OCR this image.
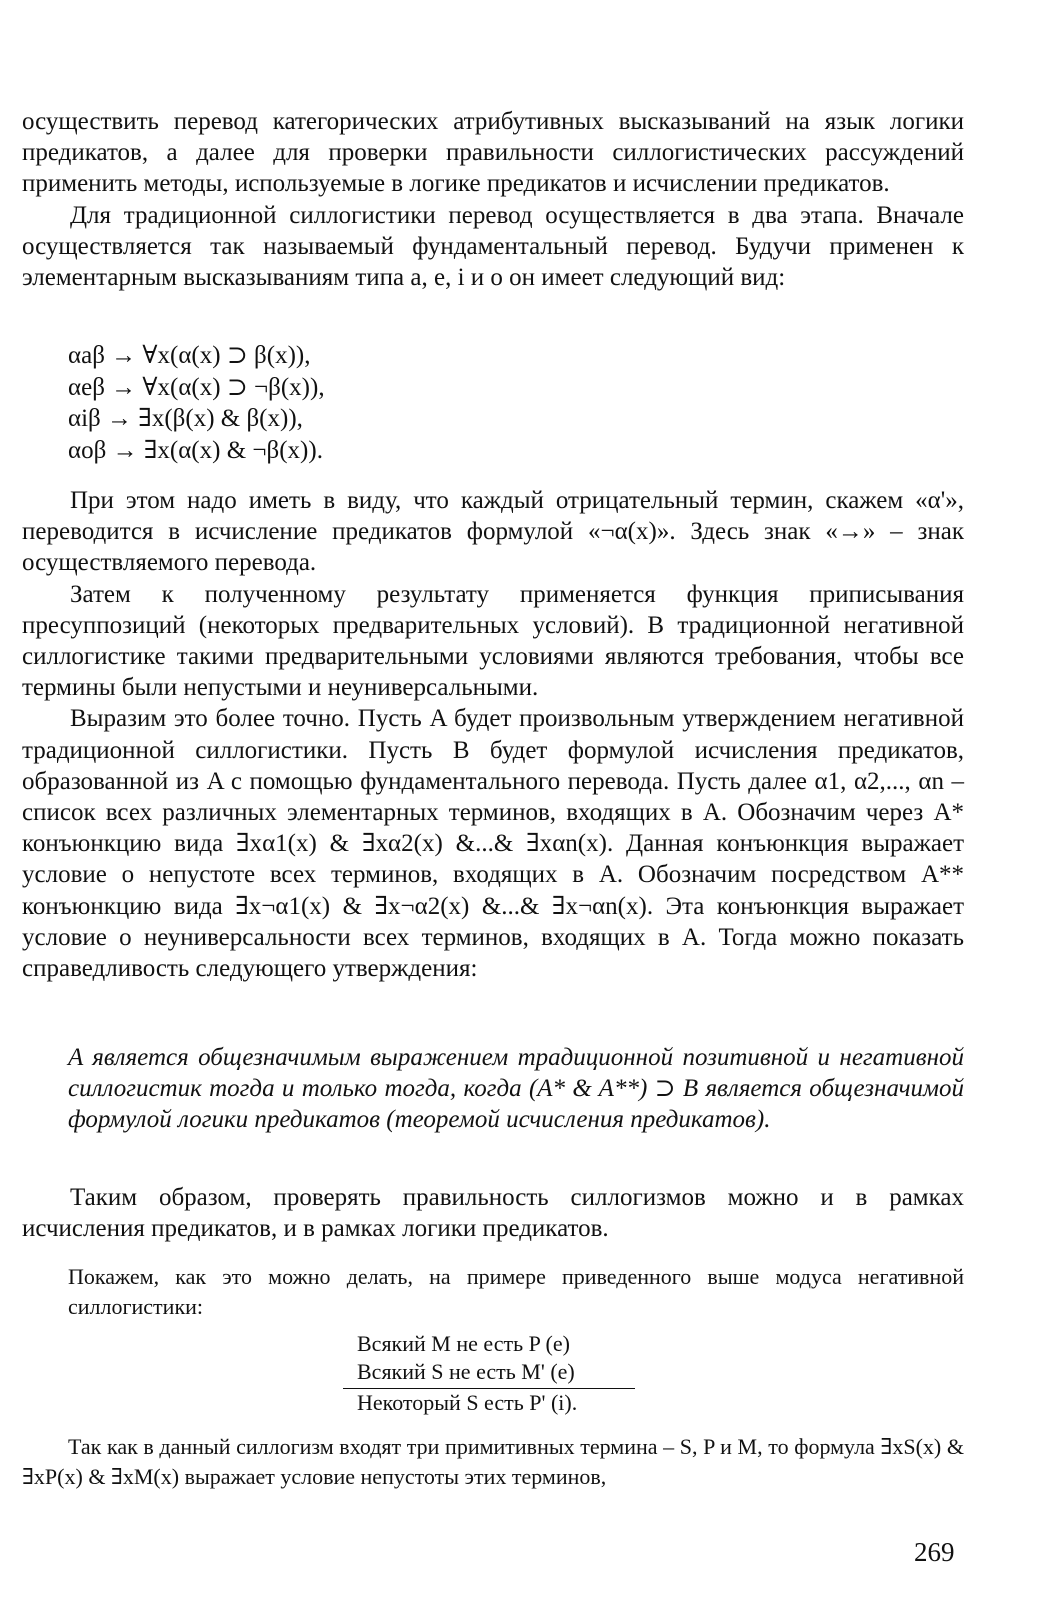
осуществить перевод категорических атрибутивных высказываний на язык логики предикатов, а далее для проверки правильности силлогистических рассуждений применить методы, используемые в логике предикатов и исчислении предикатов.

Для традиционной силлогистики перевод осуществляется в два этапа. Вначале осуществляется так называемый фундаментальный перевод. Будучи применен к элементарным высказываниям типа a, e, i и o он имеет следующий вид:

αaβ → ∀x(α(x) ⊃ β(x)),
αeβ → ∀x(α(x) ⊃ ¬β(x)),
αiβ → ∃x(β(x) & β(x)),
αoβ → ∃x(α(x) & ¬β(x)).

При этом надо иметь в виду, что каждый отрицательный термин, скажем «α'», переводится в исчисление предикатов формулой «¬α(x)». Здесь знак «→» – знак осуществляемого перевода.

Затем к полученному результату применяется функция приписывания пресуппозиций (некоторых предварительных условий). В традиционной негативной силлогистике такими предварительными условиями являются требования, чтобы все термины были непустыми и неуниверсальными.

Выразим это более точно. Пусть A будет произвольным утверждением негативной традиционной силлогистики. Пусть B будет формулой исчисления предикатов, образованной из A с помощью фундаментального перевода. Пусть далее α1, α2,..., αn – список всех различных элементарных терминов, входящих в A. Обозначим через A* конъюнкцию вида ∃xα1(x) & ∃xα2(x) &...& ∃xαn(x). Данная конъюнкция выражает условие о непустоте всех терминов, входящих в A. Обозначим посредством A** конъюнкцию вида ∃x¬α1(x) & ∃x¬α2(x) &...& ∃x¬αn(x). Эта конъюнкция выражает условие о неуниверсальности всех терминов, входящих в A. Тогда можно показать справедливость следующего утверждения:

A является общезначимым выражением традиционной позитивной и негативной силлогистик тогда и только тогда, когда (A* & A**) ⊃ B является общезначимой формулой логики предикатов (теоремой исчисления предикатов).

Таким образом, проверять правильность силлогизмов можно и в рамках исчисления предикатов, и в рамках логики предикатов.

Покажем, как это можно делать, на примере приведенного выше модуса негативной силлогистики:

Всякий M не есть P (e)
Всякий S не есть M' (e)
Некоторый S есть P' (i).

Так как в данный силлогизм входят три примитивных термина – S, P и M, то формула ∃xS(x) & ∃xP(x) & ∃xM(x) выражает условие непустоты этих терминов,

269
